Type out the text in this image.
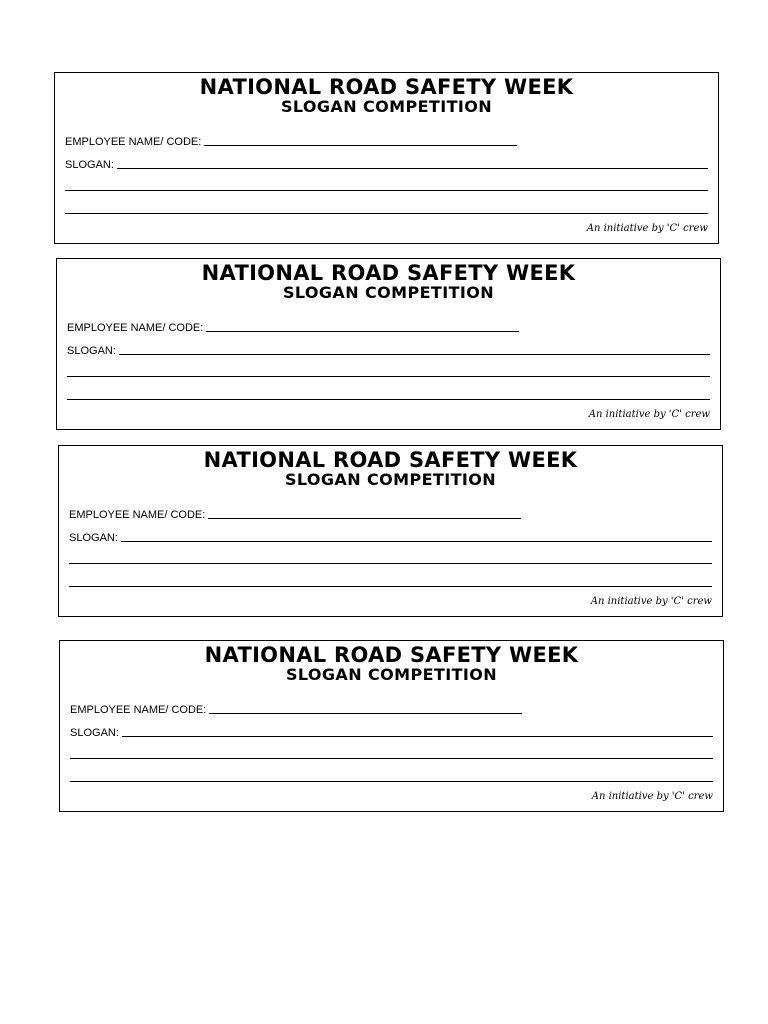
NATIONAL ROAD SAFETY WEEK
SLOGAN COMPETITION
EMPLOYEE NAME/ CODE:
SLOGAN:
An initiative by 'C' crew
NATIONAL ROAD SAFETY WEEK
SLOGAN COMPETITION
EMPLOYEE NAME/ CODE:
SLOGAN:
An initiative by 'C' crew
NATIONAL ROAD SAFETY WEEK
SLOGAN COMPETITION
EMPLOYEE NAME/ CODE:
SLOGAN:
An initiative by 'C' crew
NATIONAL ROAD SAFETY WEEK
SLOGAN COMPETITION
EMPLOYEE NAME/ CODE:
SLOGAN:
An initiative by 'C' crew
